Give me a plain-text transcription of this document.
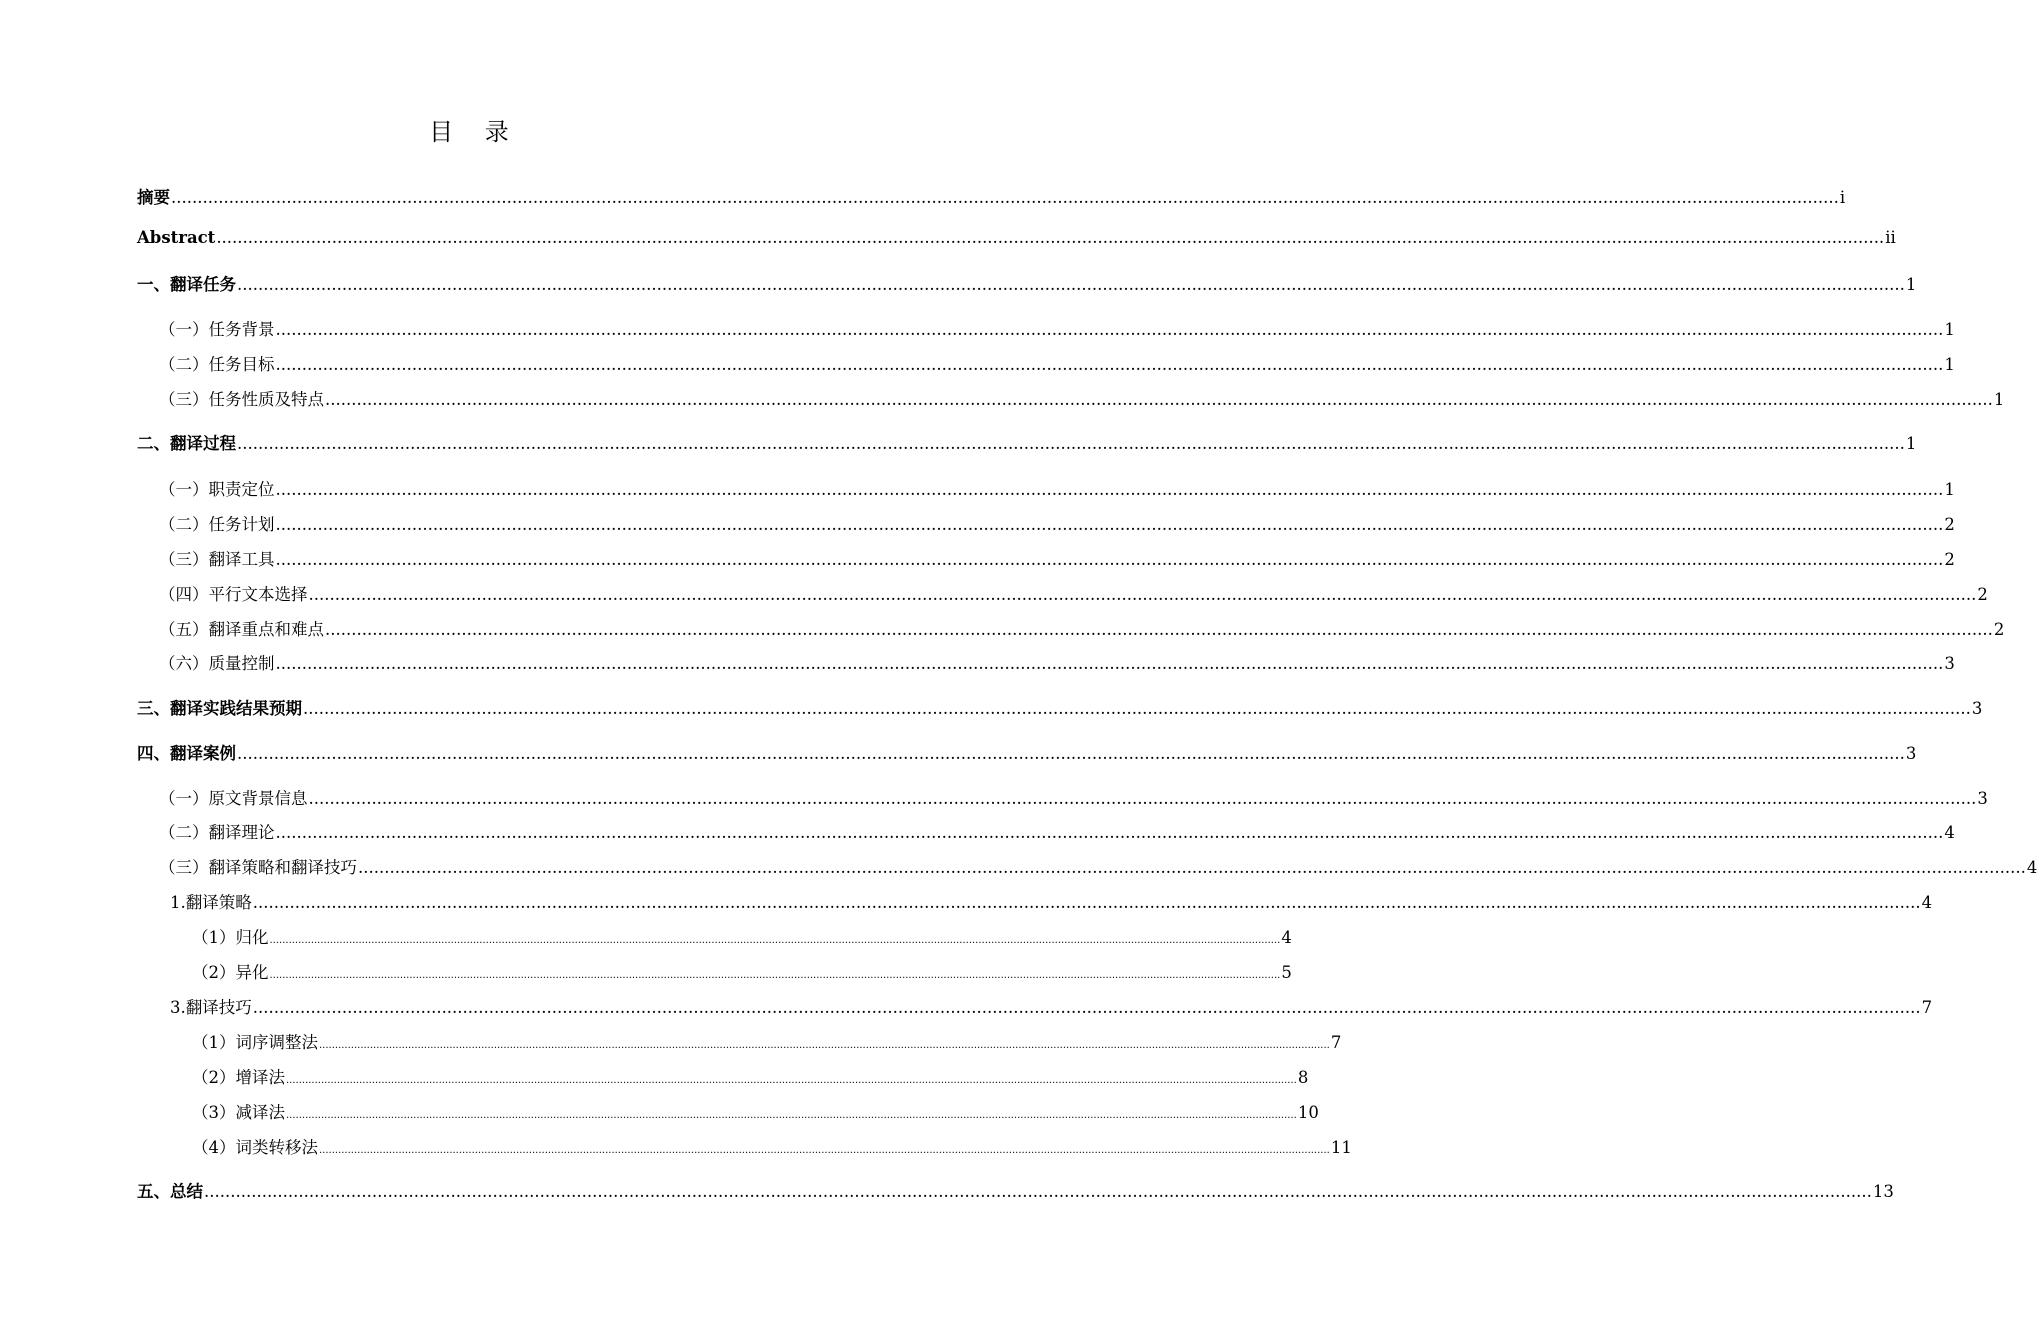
目 录
摘要 .............................................................................................................................................................................................................................................................................................................................. i
Abstract .............................................................................................................................................................................................................................................................................................................................. ii
一、翻译任务 .............................................................................................................................................................................................................................................................................................................................. 1
（一）任务背景 .............................................................................................................................................................................................................................................................................................................................. 1
（二）任务目标 .............................................................................................................................................................................................................................................................................................................................. 1
（三）任务性质及特点 .............................................................................................................................................................................................................................................................................................................................. 1
二、翻译过程 .............................................................................................................................................................................................................................................................................................................................. 1
（一）职责定位 .............................................................................................................................................................................................................................................................................................................................. 1
（二）任务计划 .............................................................................................................................................................................................................................................................................................................................. 2
（三）翻译工具 .............................................................................................................................................................................................................................................................................................................................. 2
（四）平行文本选择 .............................................................................................................................................................................................................................................................................................................................. 2
（五）翻译重点和难点 .............................................................................................................................................................................................................................................................................................................................. 2
（六）质量控制 .............................................................................................................................................................................................................................................................................................................................. 3
三、翻译实践结果预期 .............................................................................................................................................................................................................................................................................................................................. 3
四、翻译案例 .............................................................................................................................................................................................................................................................................................................................. 3
（一）原文背景信息 .............................................................................................................................................................................................................................................................................................................................. 3
（二）翻译理论 .............................................................................................................................................................................................................................................................................................................................. 4
（三）翻译策略和翻译技巧 .............................................................................................................................................................................................................................................................................................................................. 4
1.翻译策略 .............................................................................................................................................................................................................................................................................................................................. 4
（1）归化 .............................................................................................................................................................................................................................................................................................................................. 4
（2）异化 .............................................................................................................................................................................................................................................................................................................................. 5
3.翻译技巧 .............................................................................................................................................................................................................................................................................................................................. 7
（1）词序调整法 .............................................................................................................................................................................................................................................................................................................................. 7
（2）增译法 .............................................................................................................................................................................................................................................................................................................................. 8
（3）减译法 .............................................................................................................................................................................................................................................................................................................................. 10
（4）词类转移法 .............................................................................................................................................................................................................................................................................................................................. 11
五、总结 .............................................................................................................................................................................................................................................................................................................................. 13
